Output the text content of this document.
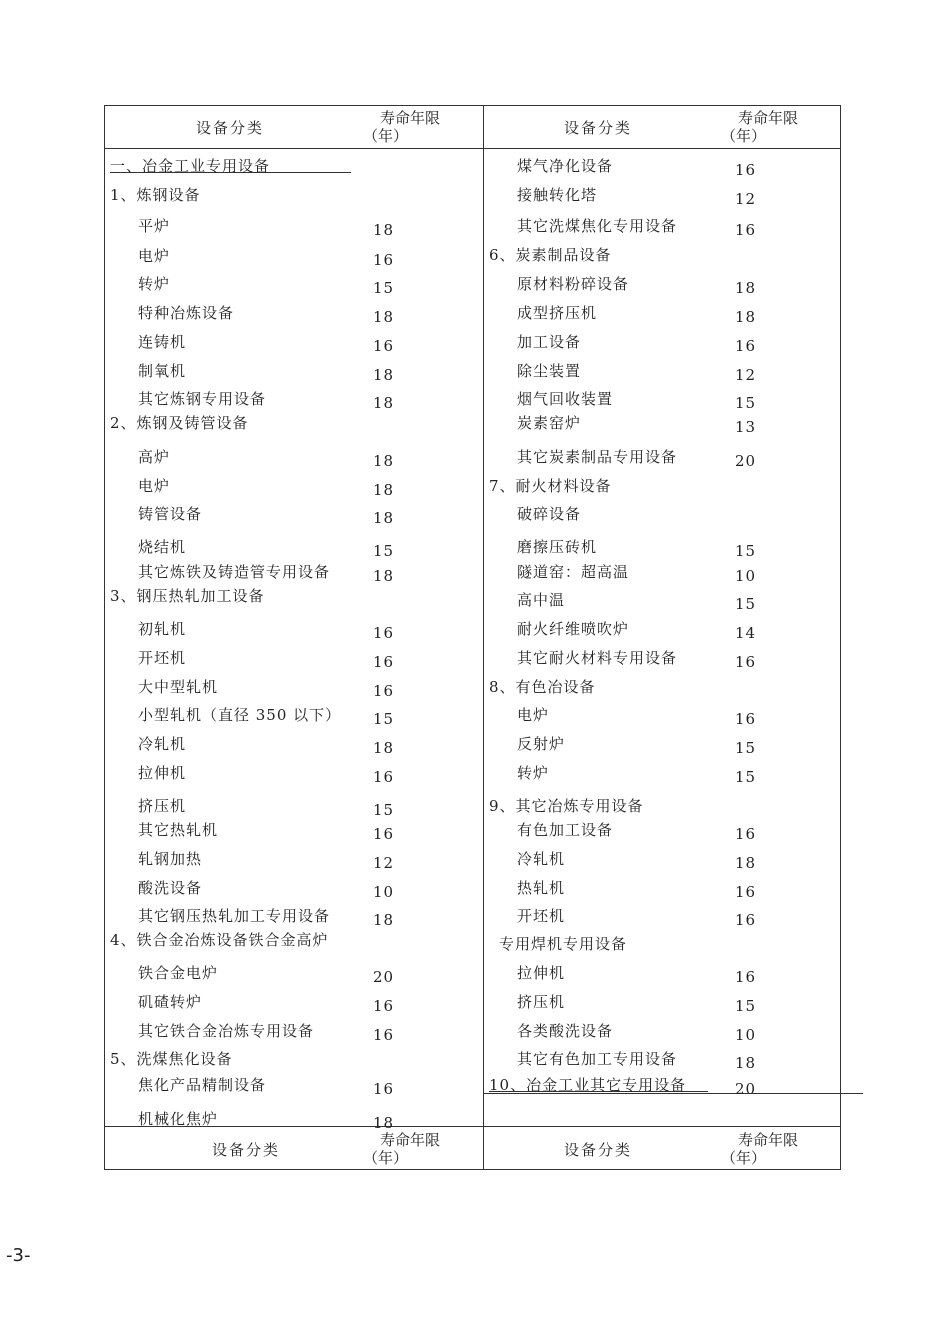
设备分类
寿命年限
（年）	设备分类
寿命年限
（年）
设备分类
寿命年限
（年）	设备分类
寿命年限
（年）
一、冶金工业专用设备
1、炼钢设备
平炉	18
电炉	16
转炉	15
特种冶炼设备	18
连铸机	16
制氧机	18
其它炼钢专用设备	18
2、炼钢及铸管设备
高炉	18
电炉	18
铸管设备	18
烧结机	15
其它炼铁及铸造管专用设备	18
3、钢压热轧加工设备
初轧机	16
开坯机	16
大中型轧机	16
小型轧机（直径 350 以下） 15
冷轧机	18
拉伸机	16
挤压机	15
其它热轧机	16
轧钢加热	12
酸洗设备	10
其它钢压热轧加工专用设备	18
4、铁合金冶炼设备铁合金高炉
铁合金电炉	20
矶碴转炉	16
其它铁合金冶炼专用设备	16
5、洗煤焦化设备
焦化产品精制设备	16
机械化焦炉	18
煤气净化设备	16
接触转化塔	12
其它洗煤焦化专用设备	16
6、炭素制品设备
原材料粉碎设备	18
成型挤压机	18
加工设备	16
除尘装置	12
烟气回收装置	15
炭素窑炉	13
其它炭素制品专用设备	20
7、耐火材料设备
破碎设备
磨擦压砖机	15
隧道窑：超高温	10
高中温	15
耐火纤维喷吹炉	14
其它耐火材料专用设备	16
8、有色冶设备
电炉	16
反射炉	15
转炉	15
9、其它冶炼专用设备
有色加工设备	16
冷轧机	18
热轧机	16
开坯机	16
专用焊机专用设备
拉伸机	16
挤压机	15
各类酸洗设备	10
其它有色加工专用设备	18
10、冶金工业其它专用设备	20
-3-
